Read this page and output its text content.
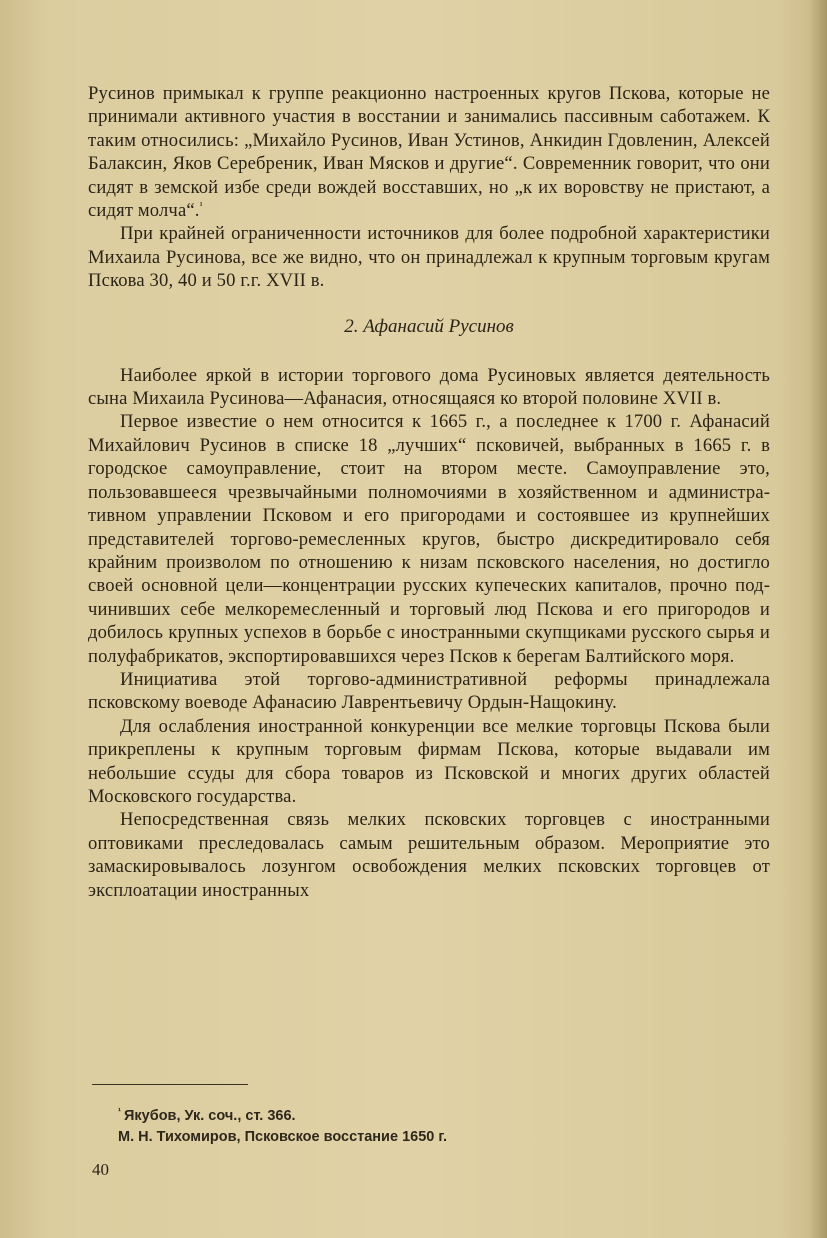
Русинов примыкал к группе реакционно настроенных кругов Пскова, которые не принимали активного участия в восстании и занимались пассивным саботажем. К таким относились: „Михайло Русинов, Иван Устинов, Анкидин Гдовленин, Алексей Балаксин, Яков Серебреник, Иван Мясков и другие“. Современник говорит, что они сидят в земской избе среди вождей восставших, но „к их воровству не пристают, а сидят молча“.$^{^1}$

При крайней ограниченности источников для более подробной характеристики Михаила Русинова, все же видно, что он принадлежал к крупным торговым кругам Пскова 30, 40 и 50 г.г. XVII в.

2. Афанасий Русинов

Наиболее яркой в истории торгового дома Русиновых является деятельность сына Михаила Русинова—Афанасия, относящаяся ко второй половине XVII в.

Первое известие о нем относится к 1665 г., а последнее к 1700 г. Афанасий Михайлович Русинов в списке 18 „лучших“ псковичей, выбранных в 1665 г. в городское самоуправление, стоит на втором месте. Самоуправление это, пользовавшееся чрезвычайными полномочиями в хозяйственном и административном управлении Псковом и его пригородами и состоявшее из крупнейших представителей торгово-ремесленных кругов, быстро дискредитировало себя крайним произволом по отношению к низам псковского населения, но достигло своей основной цели—концентрации русских купеческих капиталов, прочно подчинивших себе мелкоремесленный и торговый люд Пскова и его пригородов и добилось крупных успехов в борьбе с иностранными скупщиками русского сырья и полуфабрикатов, экспортировавшихся через Псков к берегам Балтийского моря.

Инициатива этой торгово-административной реформы принадлежала псковскому воеводе Афанасию Лаврентьевичу Ордын-Нащокину.

Для ослабления иностранной конкуренции все мелкие торговцы Пскова были прикреплены к крупным торговым фирмам Пскова, которые выдавали им небольшие ссуды для сбора товаров из Псковской и многих других областей Московского государства.

Непосредственная связь мелких псковских торговцев с иностранными оптовиками преследовалась самым решительным образом. Мероприятие это замаскировывалось лозунгом освобождения мелких псковских торговцев от эксплоатации иностранных

$^{^1}$ Якубов, Ук. соч., ст. 366.
М. Н. Тихомиров, Псковское восстание 1650 г.
40
